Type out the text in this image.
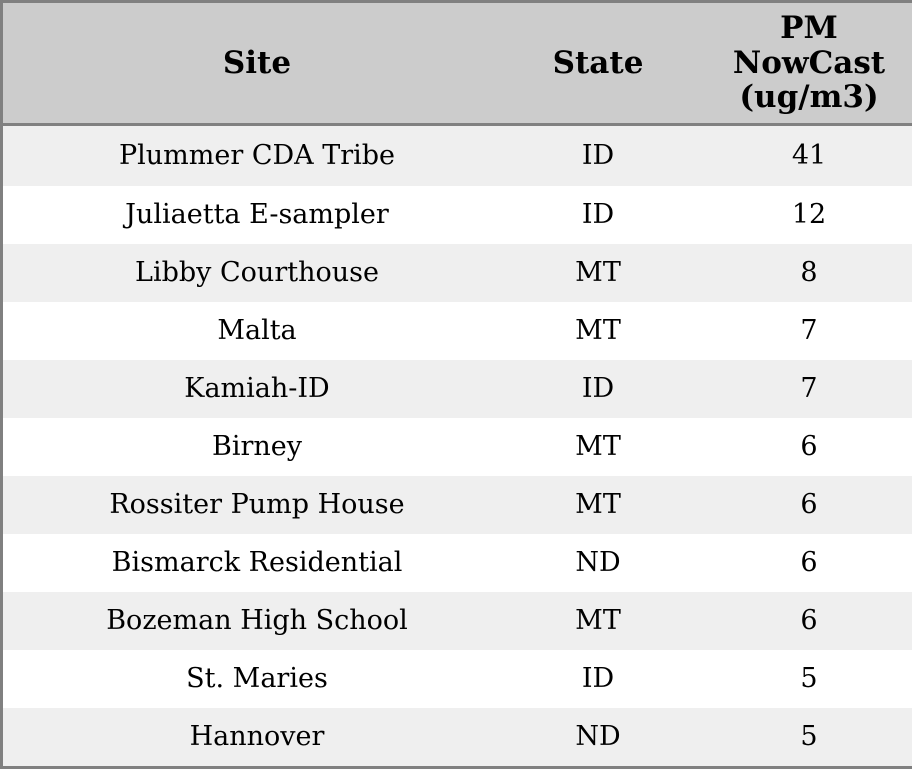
Site	State	PM
NowCast
(ug/m3)
Plummer CDA Tribe	ID	41
Juliaetta E-sampler	ID	12
Libby Courthouse	MT	8
Malta	MT	7
Kamiah-ID	ID	7
Birney	MT	6
Rossiter Pump House	MT	6
Bismarck Residential	ND	6
Bozeman High School	MT	6
St. Maries	ID	5
Hannover	ND	5
